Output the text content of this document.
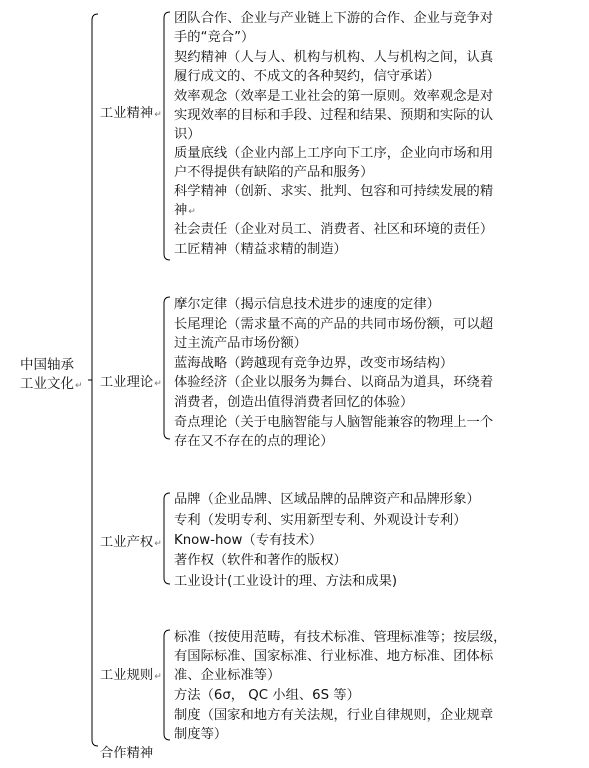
中国轴承
工业文化↵
工业精神↵
团队合作、企业与产业链上下游的合作、企业与竞争对
手的“竞合”）
契约精神（人与人、机构与机构、人与机构之间，认真
履行成文的、不成文的各种契约，信守承诺）
效率观念（效率是工业社会的第一原则。效率观念是对
实现效率的目标和手段、过程和结果、预期和实际的认
识）
质量底线（企业内部上工序向下工序，企业向市场和用
户不得提供有缺陷的产品和服务）
科学精神（创新、求实、批判、包容和可持续发展的精
神↵
社会责任（企业对员工、消费者、社区和环境的责任）
工匠精神（精益求精的制造）
工业理论↵
摩尔定律（揭示信息技术进步的速度的定律）
长尾理论（需求量不高的产品的共同市场份额，可以超
过主流产品市场份额）
蓝海战略（跨越现有竞争边界，改变市场结构）
体验经济（企业以服务为舞台、以商品为道具，环绕着
消费者，创造出值得消费者回忆的体验）
奇点理论（关于电脑智能与人脑智能兼容的物理上一个
存在又不存在的点的理论）
工业产权↵
品牌（企业品牌、区域品牌的品牌资产和品牌形象）
专利（发明专利、实用新型专利、外观设计专利）
Know-how（专有技术）
著作权（软件和著作的版权）
工业设计(工业设计的理、方法和成果)
工业规则↵
标准（按使用范畴，有技术标准、管理标准等；按层级，
有国际标准、国家标准、行业标准、地方标准、团体标
准、企业标准等）
方法（6σ， QC 小组、6S 等）
制度（国家和地方有关法规，行业自律规则，企业规章
制度等）
合作精神
